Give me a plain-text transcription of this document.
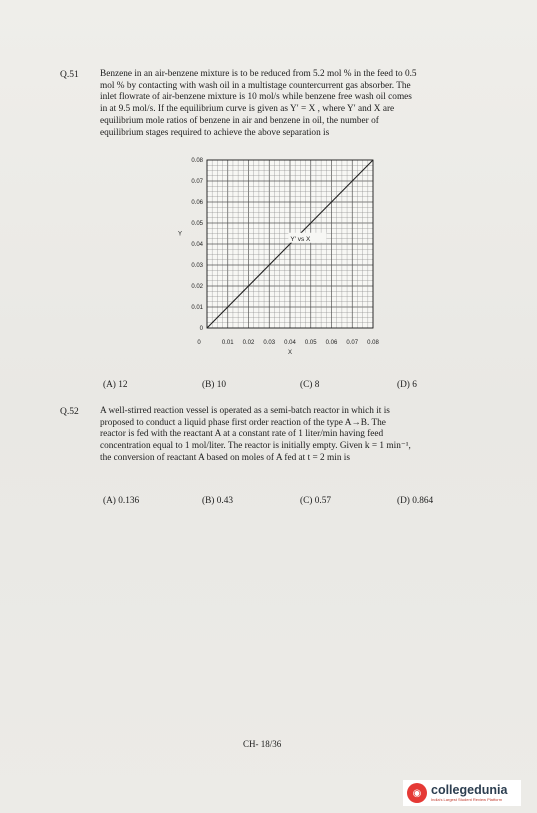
Q.51 Benzene in an air-benzene mixture is to be reduced from 5.2 mol % in the feed to 0.5
mol % by contacting with wash oil in a multistage countercurrent gas absorber. The
inlet flowrate of air-benzene mixture is 10 mol/s while benzene free wash oil comes
in at 9.5 mol/s. If the equilibrium curve is given as Y′ = X , where Y′ and X are
equilibrium mole ratios of benzene in air and benzene in oil, the number of
equilibrium stages required to achieve the above separation is
Y′ vs X
0
0.01
0.02
0.03
0.04
0.05
0.06
0.07
0.08
0	0.01 0.02 0.03 0.04 0.05 0.06 0.07 0.08
Y
X
(A) 12	(B) 10	(C) 8	(D) 6
Q.52 A well-stirred reaction vessel is operated as a semi-batch reactor in which it is
proposed to conduct a liquid phase first order reaction of the type A→B. The
reactor is fed with the reactant A at a constant rate of 1 liter/min having feed
concentration equal to 1 mol/liter. The reactor is initially empty. Given k = 1 min⁻¹,
the conversion of reactant A based on moles of A fed at t = 2 min is
(A) 0.136	(B) 0.43	(C) 0.57	(D) 0.864
CH- 18/36
◉ collegedunia
India's Largest Student Review Platform
